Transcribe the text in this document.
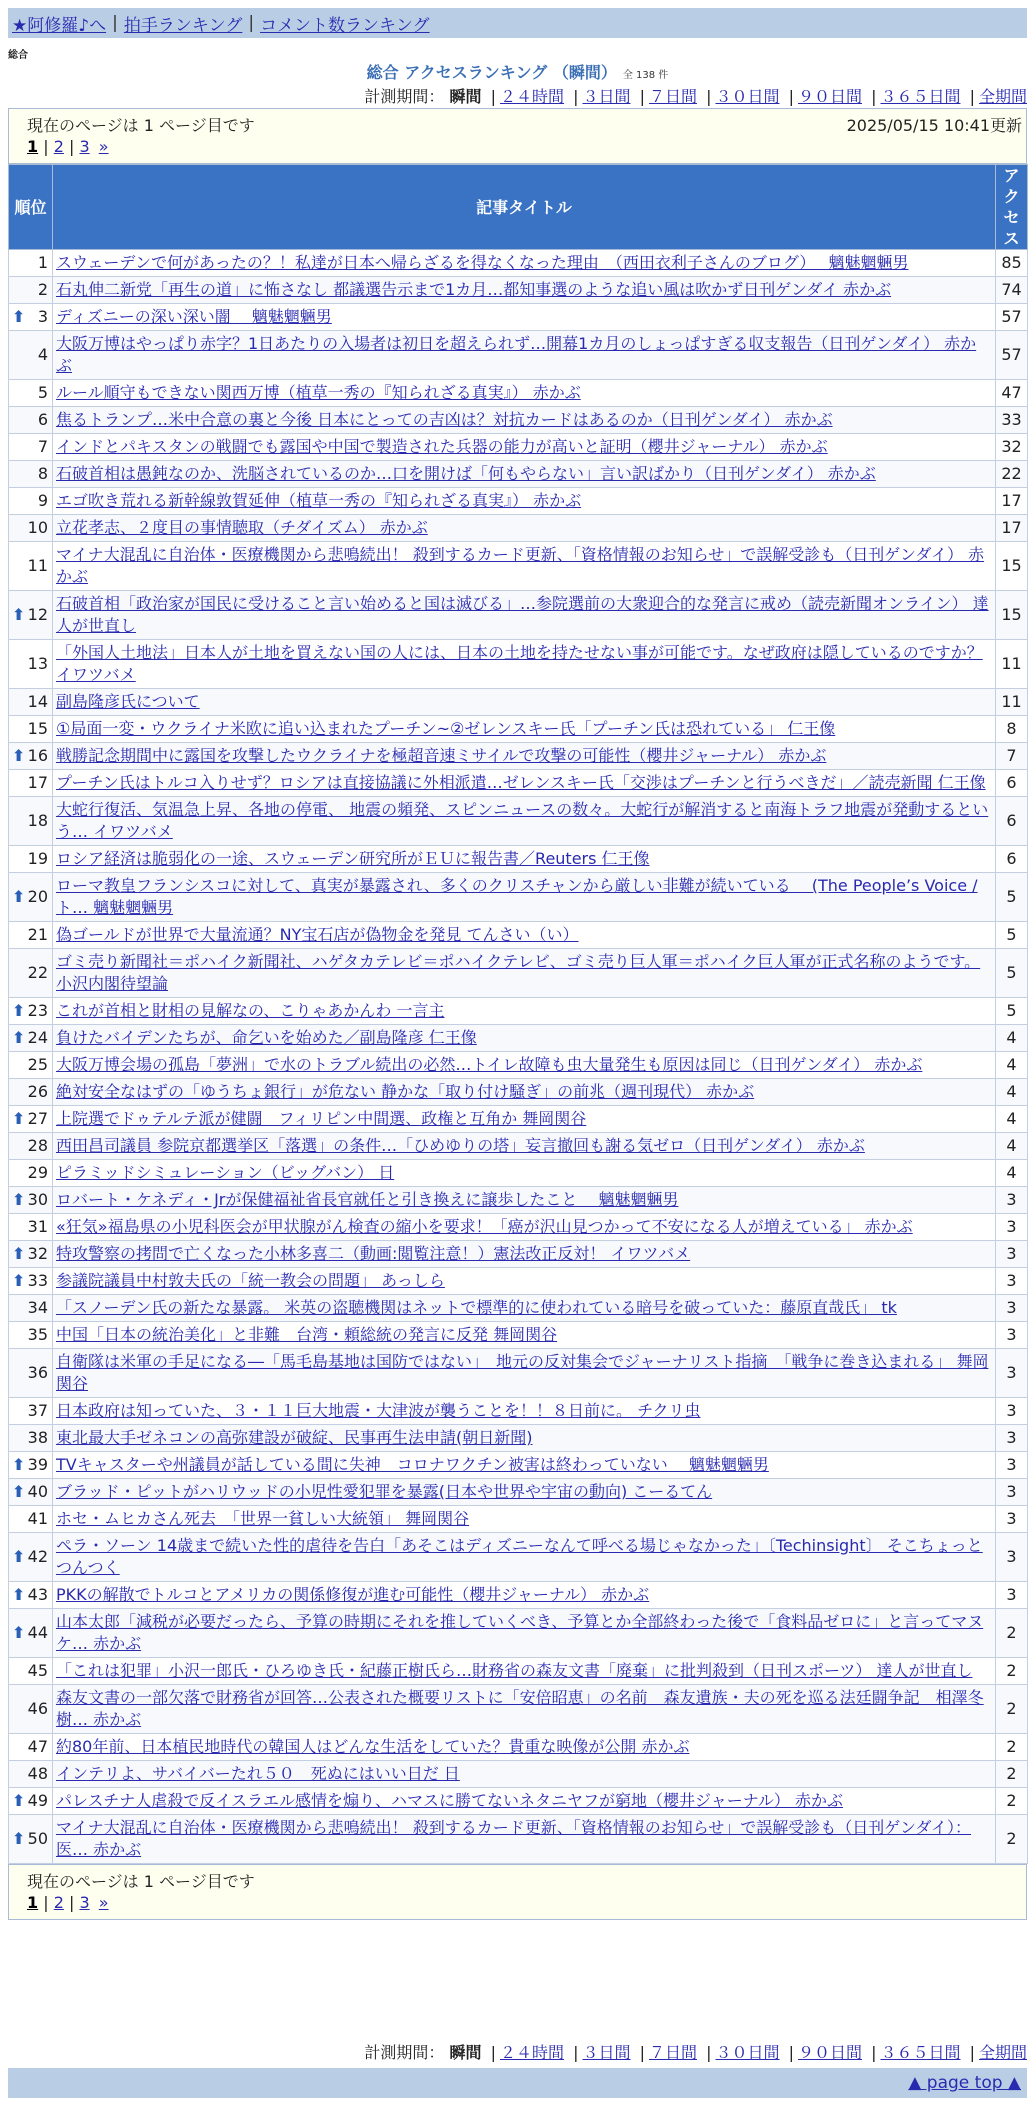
★阿修羅♪へ | 拍手ランキング | コメント数ランキング
総合
総合 アクセスランキング （瞬間） 全 138 件
計測期間： 瞬間 | ２４時間 | ３日間 | ７日間 | ３０日間 | ９０日間 | ３６５日間 | 全期間
現在のページは 1 ページ目です	2025/05/15 10:41更新
1 | 2 | 3 »
順位	記事タイトル	アクセス
1	スウェーデンで何があったの？！私達が日本へ帰らざるを得なくなった理由　（西田衣利子さんのブログ）　 魑魅魍魎男	85
2	石丸伸二新党「再生の道」に怖さなし 都議選告示まで1カ月…都知事選のような追い風は吹かず日刊ゲンダイ 赤かぶ	74

⬆ 3	ディズニーの深い深い闇　 魑魅魍魎男	57
4	大阪万博はやっぱり赤字？1日あたりの入場者は初日を超えられず…開幕1カ月のしょっぱすぎる収支報告（日刊ゲンダイ） 赤かぶ	57
5	ルール順守もできない関西万博（植草一秀の『知られざる真実』） 赤かぶ	47
6	焦るトランプ…米中合意の裏と今後 日本にとっての吉凶は？対抗カードはあるのか（日刊ゲンダイ） 赤かぶ	33
7	インドとパキスタンの戦闘でも露国や中国で製造された兵器の能力が高いと証明（櫻井ジャーナル） 赤かぶ	32
8	石破首相は愚鈍なのか、洗脳されているのか…口を開けば「何もやらない」言い訳ばかり（日刊ゲンダイ） 赤かぶ	22
9	エゴ吹き荒れる新幹線敦賀延伸（植草一秀の『知られざる真実』） 赤かぶ	17
10	立花孝志、２度目の事情聴取（チダイズム） 赤かぶ	17
11	マイナ大混乱に自治体・医療機関から悲鳴続出！ 殺到するカード更新、「資格情報のお知らせ」で誤解受診も（日刊ゲンダイ） 赤かぶ	15

⬆ 12	石破首相「政治家が国民に受けること言い始めると国は滅びる」…参院選前の大衆迎合的な発言に戒め（読売新聞オンライン） 達人が世直し	15
13	「外国人土地法」日本人が土地を買えない国の人には、日本の土地を持たせない事が可能です。なぜ政府は隠しているのですか？ イワツバメ	11
14	副島隆彦氏について	11
15	①局面一変・ウクライナ米欧に追い込まれたプーチン~②ゼレンスキー氏「プーチン氏は恐れている」 仁王像	8

⬆ 16	戦勝記念期間中に露国を攻撃したウクライナを極超音速ミサイルで攻撃の可能性（櫻井ジャーナル） 赤かぶ	7
17	プーチン氏はトルコ入りせず？ロシアは直接協議に外相派遣…ゼレンスキー氏「交渉はプーチンと行うべきだ」／読売新聞 仁王像	6
18	大蛇行復活、気温急上昇、各地の停電、 地震の頻発、スピンニュースの数々。大蛇行が解消すると南海トラフ地震が発動するという… イワツバメ	6
19	ロシア経済は脆弱化の一途、スウェーデン研究所がＥＵに報告書／Reuters 仁王像	6

⬆ 20	ローマ教皇フランシスコに対して、真実が暴露され、多くのクリスチャンから厳しい非難が続いている　 (The People’s Voice / ト… 魑魅魍魎男	5
21	偽ゴールドが世界で大量流通？NY宝石店が偽物金を発見 てんさい（い）	5
22	ゴミ売り新聞社＝ポハイク新聞社、ハゲタカテレビ＝ポハイクテレビ、ゴミ売り巨人軍＝ポハイク巨人軍が正式名称のようです。 小沢内閣待望論	5

⬆ 23	これが首相と財相の見解なの、こりゃあかんわ 一言主	5

⬆ 24	負けたバイデンたちが、命乞いを始めた／副島隆彦 仁王像	4
25	大阪万博会場の孤島「夢洲」で水のトラブル続出の必然…トイレ故障も虫大量発生も原因は同じ（日刊ゲンダイ） 赤かぶ	4
26	絶対安全なはずの「ゆうちょ銀行」が危ない 静かな「取り付け騒ぎ」の前兆（週刊現代） 赤かぶ	4

⬆ 27	上院選でドゥテルテ派が健闘　フィリピン中間選、政権と互角か 舞岡関谷	4
28	西田昌司議員 参院京都選挙区「落選」の条件…「ひめゆりの塔」妄言撤回も謝る気ゼロ（日刊ゲンダイ） 赤かぶ	4
29	ピラミッドシミュレーション（ビッグバン） 日	4

⬆ 30	ロバート・ケネディ・Jrが保健福祉省長官就任と引き換えに譲歩したこと　 魑魅魍魎男	3
31	«狂気»福島県の小児科医会が甲状腺がん検査の縮小を要求！「癌が沢山見つかって不安になる人が増えている」 赤かぶ	3

⬆ 32	特攻警察の拷問で亡くなった小林多喜二（動画:閲覧注意！）憲法改正反対！ イワツバメ	3

⬆ 33	参議院議員中村敦夫氏の「統一教会の問題」 あっしら	3
34	「スノーデン氏の新たな暴露。 米英の盗聴機関はネットで標準的に使われている暗号を破っていた：藤原直哉氏」 tk	3
35	中国「日本の統治美化」と非難　台湾・頼総統の発言に反発 舞岡関谷	3
36	自衛隊は米軍の手足になる―「馬毛島基地は国防ではない」　地元の反対集会でジャーナリスト指摘　「戦争に巻き込まれる」 舞岡関谷	3
37	日本政府は知っていた、３・１１巨大地震・大津波が襲うことを！！８日前に。 チクリ虫	3
38	東北最大手ゼネコンの高弥建設が破綻、民事再生法申請(朝日新聞)	3

⬆ 39	TVキャスターや州議員が話している間に失神　コロナワクチン被害は終わっていない　 魑魅魍魎男	3

⬆ 40	ブラッド・ピットがハリウッドの小児性愛犯罪を暴露(日本や世界や宇宙の動向) こーるてん	3
41	ホセ・ムヒカさん死去　「世界一貧しい大統領」 舞岡関谷	3

⬆ 42	ペラ・ソーン 14歳まで続いた性的虐待を告白「あそこはディズニーなんて呼べる場じゃなかった」〔Techinsight〕 そこちょっとつんつく	3

⬆ 43	PKKの解散でトルコとアメリカの関係修復が進む可能性（櫻井ジャーナル） 赤かぶ	3

⬆ 44	山本太郎「減税が必要だったら、予算の時期にそれを推していくべき、予算とか全部終わった後で「食料品ゼロに」と言ってマヌケ… 赤かぶ	2
45	「これは犯罪」小沢一郎氏・ひろゆき氏・紀藤正樹氏ら…財務省の森友文書「廃棄」に批判殺到（日刊スポーツ） 達人が世直し	2
46	森友文書の一部欠落で財務省が回答…公表された概要リストに「安倍昭恵」の名前　森友遺族・夫の死を巡る法廷闘争記　相澤冬樹… 赤かぶ	2
47	約80年前、日本植民地時代の韓国人はどんな生活をしていた？貴重な映像が公開 赤かぶ	2
48	インテリよ、サバイバーたれ５０　死ぬにはいい日だ 日	2

⬆ 49	パレスチナ人虐殺で反イスラエル感情を煽り、ハマスに勝てないネタニヤフが窮地（櫻井ジャーナル） 赤かぶ	2

⬆ 50	マイナ大混乱に自治体・医療機関から悲鳴続出！ 殺到するカード更新、「資格情報のお知らせ」で誤解受診も（日刊ゲンダイ）：医… 赤かぶ	2
計測期間： 瞬間 | ２４時間 | ３日間 | ７日間 | ３０日間 | ９０日間 | ３６５日間 | 全期間
現在のページは 1 ページ目です
1 | 2 | 3 »
▲ page top ▲
